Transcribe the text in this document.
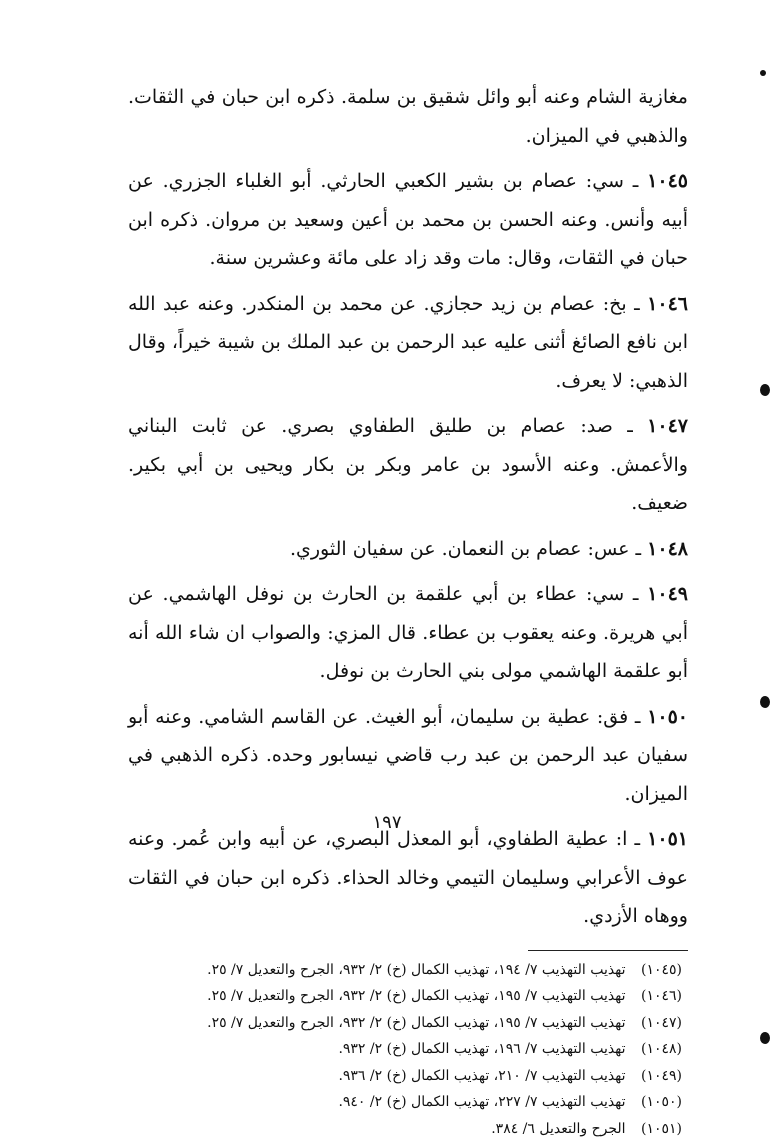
مغازية الشام وعنه أبو وائل شقيق بن سلمة. ذكره ابن حبان في الثقات. والذهبي في الميزان.

١٠٤٥ ـ سي: عصام بن بشير الكعبي الحارثي. أبو الغلباء الجزري. عن أبيه وأنس. وعنه الحسن بن محمد بن أعين وسعيد بن مروان. ذكره ابن حبان في الثقات، وقال: مات وقد زاد على مائة وعشرين سنة.

١٠٤٦ ـ بخ: عصام بن زيد حجازي. عن محمد بن المنكدر. وعنه عبد الله ابن نافع الصائغ أثنى عليه عبد الرحمن بن عبد الملك بن شيبة خيراً، وقال الذهبي: لا يعرف.

١٠٤٧ ـ صد: عصام بن طليق الطفاوي بصري. عن ثابت البناني والأعمش. وعنه الأسود بن عامر وبكر بن بكار ويحيى بن أبي بكير. ضعيف.

١٠٤٨ ـ عس: عصام بن النعمان. عن سفيان الثوري.

١٠٤٩ ـ سي: عطاء بن أبي علقمة بن الحارث بن نوفل الهاشمي. عن أبي هريرة. وعنه يعقوب بن عطاء. قال المزي: والصواب ان شاء الله أنه أبو علقمة الهاشمي مولى بني الحارث بن نوفل.

١٠٥٠ ـ فق: عطية بن سليمان، أبو الغيث. عن القاسم الشامي. وعنه أبو سفيان عبد الرحمن بن عبد رب قاضي نيسابور وحده. ذكره الذهبي في الميزان.

١٠٥١ ـ ا: عطية الطفاوي، أبو المعذل البصري، عن أبيه وابن عُمر. وعنه عوف الأعرابي وسليمان التيمي وخالد الحذاء. ذكره ابن حبان في الثقات ووهاه الأزدي.

(١٠٤٥) تهذيب التهذيب ٧/ ١٩٤، تهذيب الكمال (خ) ٢/ ٩٣٢، الجرح والتعديل ٧/ ٢٥.
(١٠٤٦) تهذيب التهذيب ٧/ ١٩٥، تهذيب الكمال (خ) ٢/ ٩٣٢، الجرح والتعديل ٧/ ٢٥.
(١٠٤٧) تهذيب التهذيب ٧/ ١٩٥، تهذيب الكمال (خ) ٢/ ٩٣٢، الجرح والتعديل ٧/ ٢٥.
(١٠٤٨) تهذيب التهذيب ٧/ ١٩٦، تهذيب الكمال (خ) ٢/ ٩٣٢.
(١٠٤٩) تهذيب التهذيب ٧/ ٢١٠، تهذيب الكمال (خ) ٢/ ٩٣٦.
(١٠٥٠) تهذيب التهذيب ٧/ ٢٢٧، تهذيب الكمال (خ) ٢/ ٩٤٠.
(١٠٥١) الجرح والتعديل ٦/ ٣٨٤.
١٩٧
